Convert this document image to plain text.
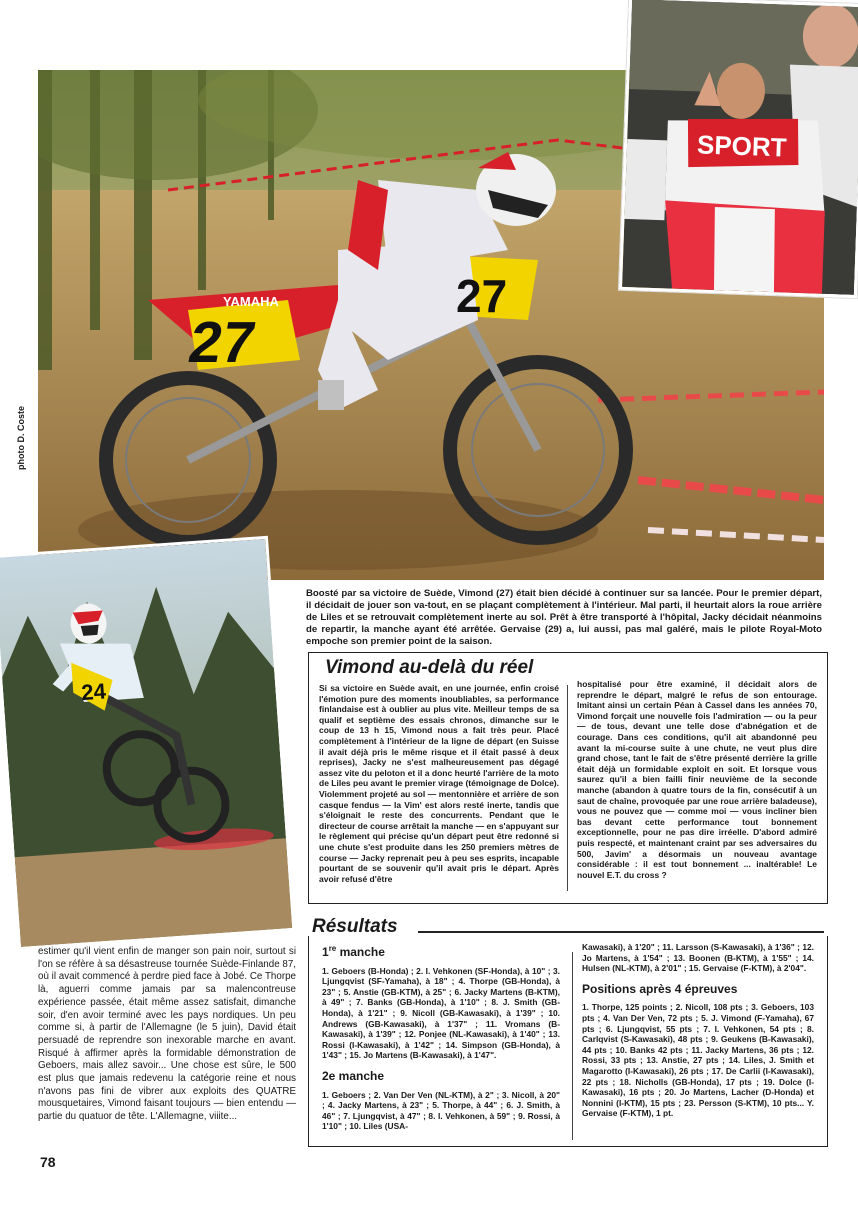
27
27
YAMAHA
SPORT
24
photo D. Coste
Boosté par sa victoire de Suède, Vimond (27) était bien décidé à continuer sur sa lancée. Pour le premier départ, il décidait de jouer son va-tout, en se plaçant complètement à l'intérieur. Mal parti, il heurtait alors la roue arrière de Liles et se retrouvait complètement inerte au sol. Prêt à être transporté à l'hôpital, Jacky décidait néanmoins de repartir, la manche ayant été arrêtée. Gervaise (29) a, lui aussi, pas mal galéré, mais le pilote Royal-Moto empoche son premier point de la saison.
Vimond au-delà du réel
Si sa victoire en Suède avait, en une journée, enfin croisé l'émotion pure des moments inoubliables, sa performance finlandaise est à oublier au plus vite. Meilleur temps de sa qualif et septième des essais chronos, dimanche sur le coup de 13 h 15, Vimond nous a fait très peur. Placé complètement à l'intérieur de la ligne de départ (en Suisse il avait déjà pris le même risque et il était passé à deux reprises), Jacky ne s'est malheureusement pas dégagé assez vite du peloton et il a donc heurté l'arrière de la moto de Liles peu avant le premier virage (témoignage de Dolce). Violemment projeté au sol — mentonnière et arrière de son casque fendus — la Vim' est alors resté inerte, tandis que s'éloignait le reste des concurrents. Pendant que le directeur de course arrêtait la manche — en s'appuyant sur le règlement qui précise qu'un départ peut être redonné si une chute s'est produite dans les 250 premiers mètres de course — Jacky reprenait peu à peu ses esprits, incapable pourtant de se souvenir qu'il avait pris le départ. Après avoir refusé d'être
hospitalisé pour être examiné, il décidait alors de reprendre le départ, malgré le refus de son entourage. Imitant ainsi un certain Péan à Cassel dans les années 70, Vimond forçait une nouvelle fois l'admiration — ou la peur — de tous, devant une telle dose d'abnégation et de courage. Dans ces conditions, qu'il ait abandonné peu avant la mi-course suite à une chute, ne veut plus dire grand chose, tant le fait de s'être présenté derrière la grille était déjà un formidable exploit en soit. Et lorsque vous saurez qu'il a bien failli finir neuvième de la seconde manche (abandon à quatre tours de la fin, consécutif à un saut de chaîne, provoquée par une roue arrière baladeuse), vous ne pouvez que — comme moi — vous incliner bien bas devant cette performance tout bonnement exceptionnelle, pour ne pas dire irréelle. D'abord admiré puis respecté, et maintenant craint par ses adversaires du 500, Javim' a désormais un nouveau avantage considérable : il est tout bonnement ... inaltérable! Le nouvel E.T. du cross ?
Résultats
1re manche
1. Geboers (B-Honda) ; 2. I. Vehkonen (SF-Honda), à 10" ; 3. Ljungqvist (SF-Yamaha), à 18" ; 4. Thorpe (GB-Honda), à 23" ; 5. Anstie (GB-KTM), à 25" ; 6. Jacky Martens (B-KTM), à 49" ; 7. Banks (GB-Honda), à 1'10" ; 8. J. Smith (GB-Honda), à 1'21" ; 9. Nicoll (GB-Kawasaki), à 1'39" ; 10. Andrews (GB-Kawasaki), à 1'37" ; 11. Vromans (B-Kawasaki), à 1'39" ; 12. Ponjee (NL-Kawasaki), à 1'40" ; 13. Rossi (I-Kawasaki), à 1'42" ; 14. Simpson (GB-Honda), à 1'43" ; 15. Jo Martens (B-Kawasaki), à 1'47".
2e manche
1. Geboers ; 2. Van Der Ven (NL-KTM), à 2" ; 3. Nicoll, à 20" ; 4. Jacky Martens, à 23" ; 5. Thorpe, à 44" ; 6. J. Smith, à 46" ; 7. Ljungqvist, à 47" ; 8. I. Vehkonen, à 59" ; 9. Rossi, à 1'10" ; 10. Liles (USA-
Kawasaki), à 1'20" ; 11. Larsson (S-Kawasaki), à 1'36" ; 12. Jo Martens, à 1'54" ; 13. Boonen (B-KTM), à 1'55" ; 14. Hulsen (NL-KTM), à 2'01" ; 15. Gervaise (F-KTM), à 2'04".
Positions après 4 épreuves
1. Thorpe, 125 points ; 2. Nicoll, 108 pts ; 3. Geboers, 103 pts ; 4. Van Der Ven, 72 pts ; 5. J. Vimond (F-Yamaha), 67 pts ; 6. Ljungqvist, 55 pts ; 7. I. Vehkonen, 54 pts ; 8. Carlqvist (S-Kawasaki), 48 pts ; 9. Geukens (B-Kawasaki), 44 pts ; 10. Banks 42 pts ; 11. Jacky Martens, 36 pts ; 12. Rossi, 33 pts ; 13. Anstie, 27 pts ; 14. Liles, J. Smith et Magarotto (I-Kawasaki), 26 pts ; 17. De Carlii (I-Kawasaki), 22 pts ; 18. Nicholls (GB-Honda), 17 pts ; 19. Dolce (I-Kawasaki), 16 pts ; 20. Jo Martens, Lacher (D-Honda) et Nonnini (I-KTM), 15 pts ; 23. Persson (S-KTM), 10 pts... Y. Gervaise (F-KTM), 1 pt.
estimer qu'il vient enfin de manger son pain noir, surtout si l'on se réfère à sa désastreuse tournée Suède-Finlande 87, où il avait commencé à perdre pied face à Jobé. Ce Thorpe là, aguerri comme jamais par sa malencontreuse expérience passée, était même assez satisfait, dimanche soir, d'en avoir terminé avec les pays nordiques. Un peu comme si, à partir de l'Allemagne (le 5 juin), David était persuadé de reprendre son inexorable marche en avant. Risqué à affirmer après la formidable démonstration de Geboers, mais allez savoir... Une chose est sûre, le 500 est plus que jamais redevenu la catégorie reine et nous n'avons pas fini de vibrer aux exploits des QUATRE mousquetaires, Vimond faisant toujours — bien entendu — partie du quatuor de tête. L'Allemagne, viiite...
78
